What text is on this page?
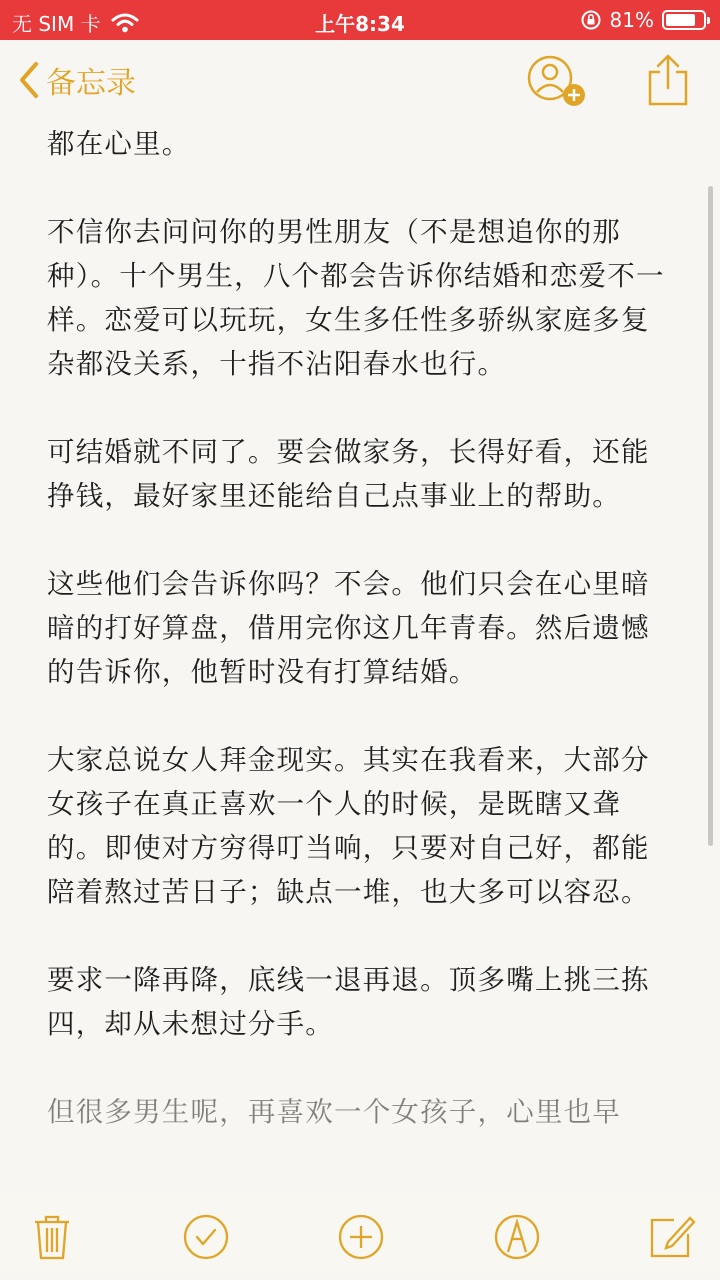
无 SIM 卡	上午8:34	81%
备忘录

都在心里。

不信你去问问你的男性朋友（不是想追你的那种）。十个男生，八个都会告诉你结婚和恋爱不一样。恋爱可以玩玩，女生多任性多骄纵家庭多复杂都没关系，十指不沾阳春水也行。

可结婚就不同了。要会做家务，长得好看，还能挣钱，最好家里还能给自己点事业上的帮助。

这些他们会告诉你吗？不会。他们只会在心里暗暗的打好算盘，借用完你这几年青春。然后遗憾的告诉你，他暂时没有打算结婚。

大家总说女人拜金现实。其实在我看来，大部分女孩子在真正喜欢一个人的时候，是既瞎又聋的。即使对方穷得叮当响，只要对自己好，都能陪着熬过苦日子；缺点一堆，也大多可以容忍。

要求一降再降，底线一退再退。顶多嘴上挑三拣四，却从未想过分手。

但很多男生呢，再喜欢一个女孩子，心里也早
